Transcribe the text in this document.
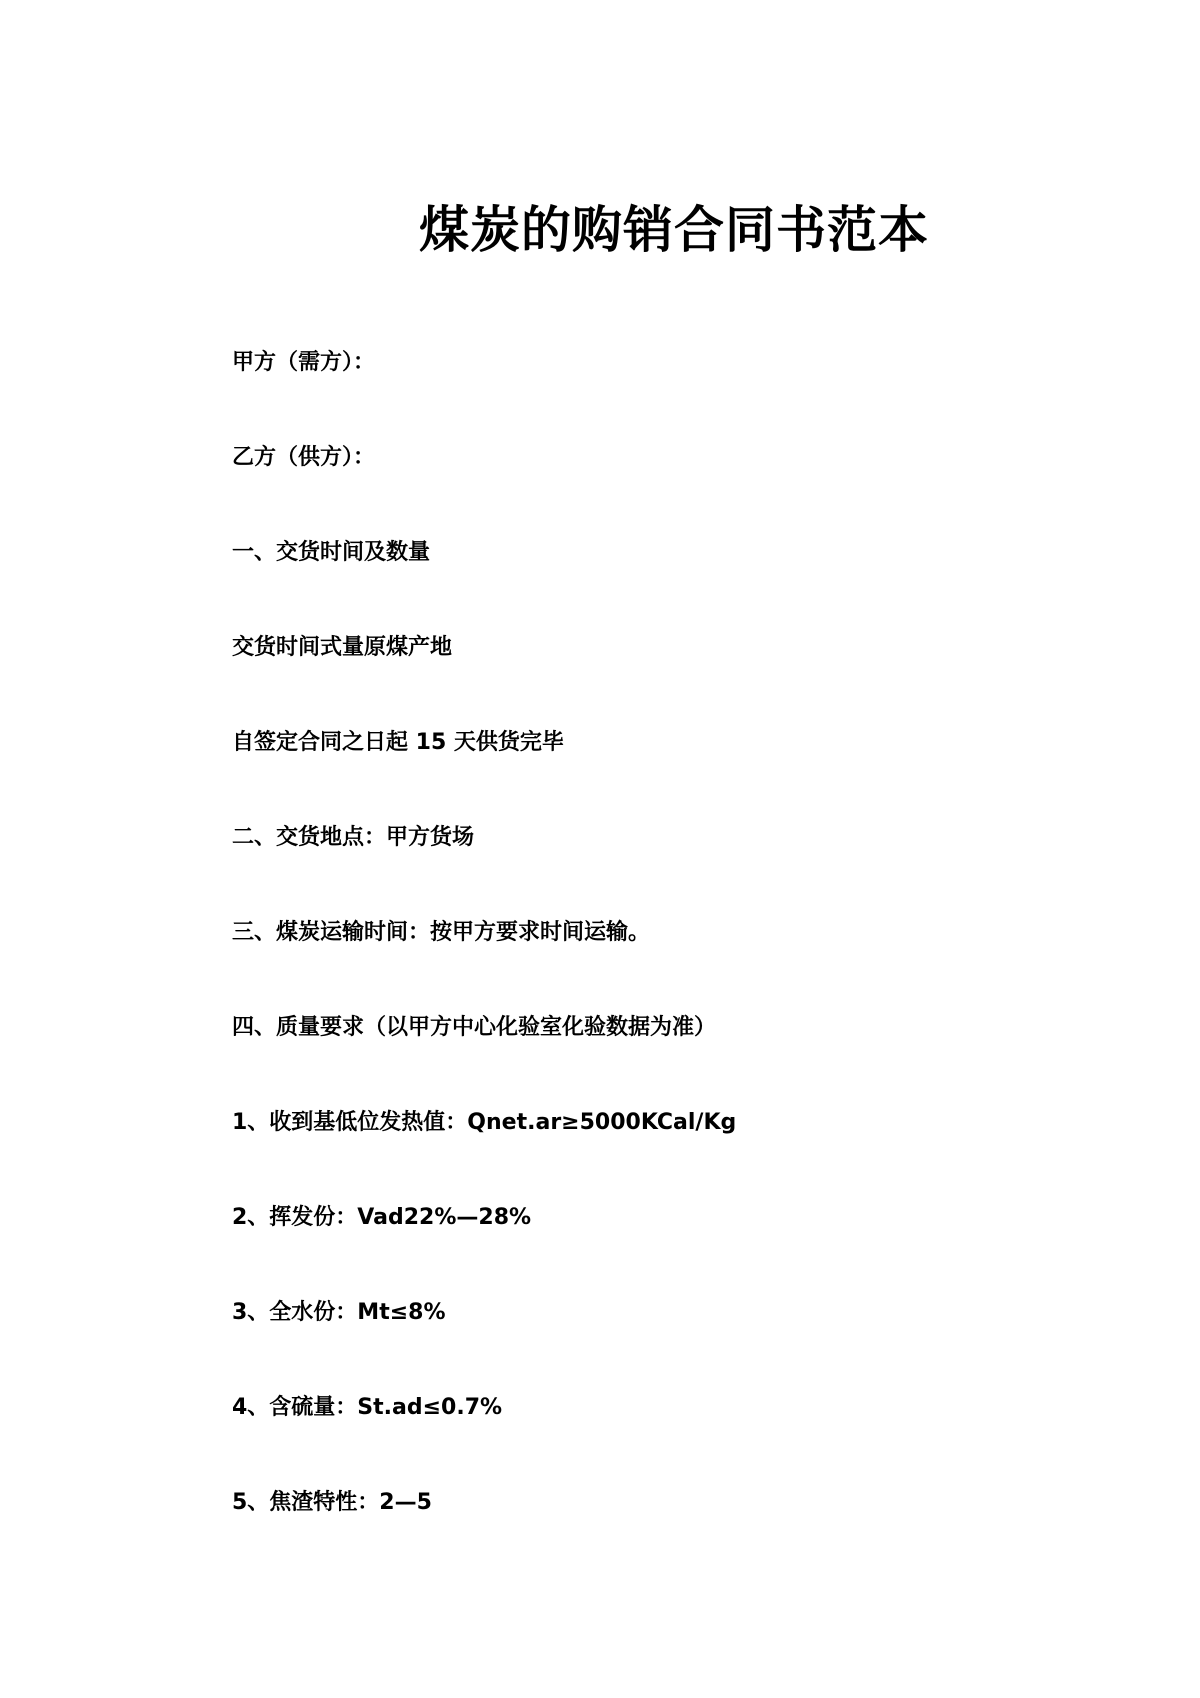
煤炭的购销合同书范本
甲方（需方）：
乙方（供方）：
一、交货时间及数量
交货时间式量原煤产地
自签定合同之日起 15 天供货完毕
二、交货地点：甲方货场
三、煤炭运输时间：按甲方要求时间运输。
四、质量要求（以甲方中心化验室化验数据为准）
1、收到基低位发热值：Qnet.ar≥5000KCal/Kg
2、挥发份：Vad22%—28%
3、全水份：Mt≤8%
4、含硫量：St.ad≤0.7%
5、焦渣特性：2—5
